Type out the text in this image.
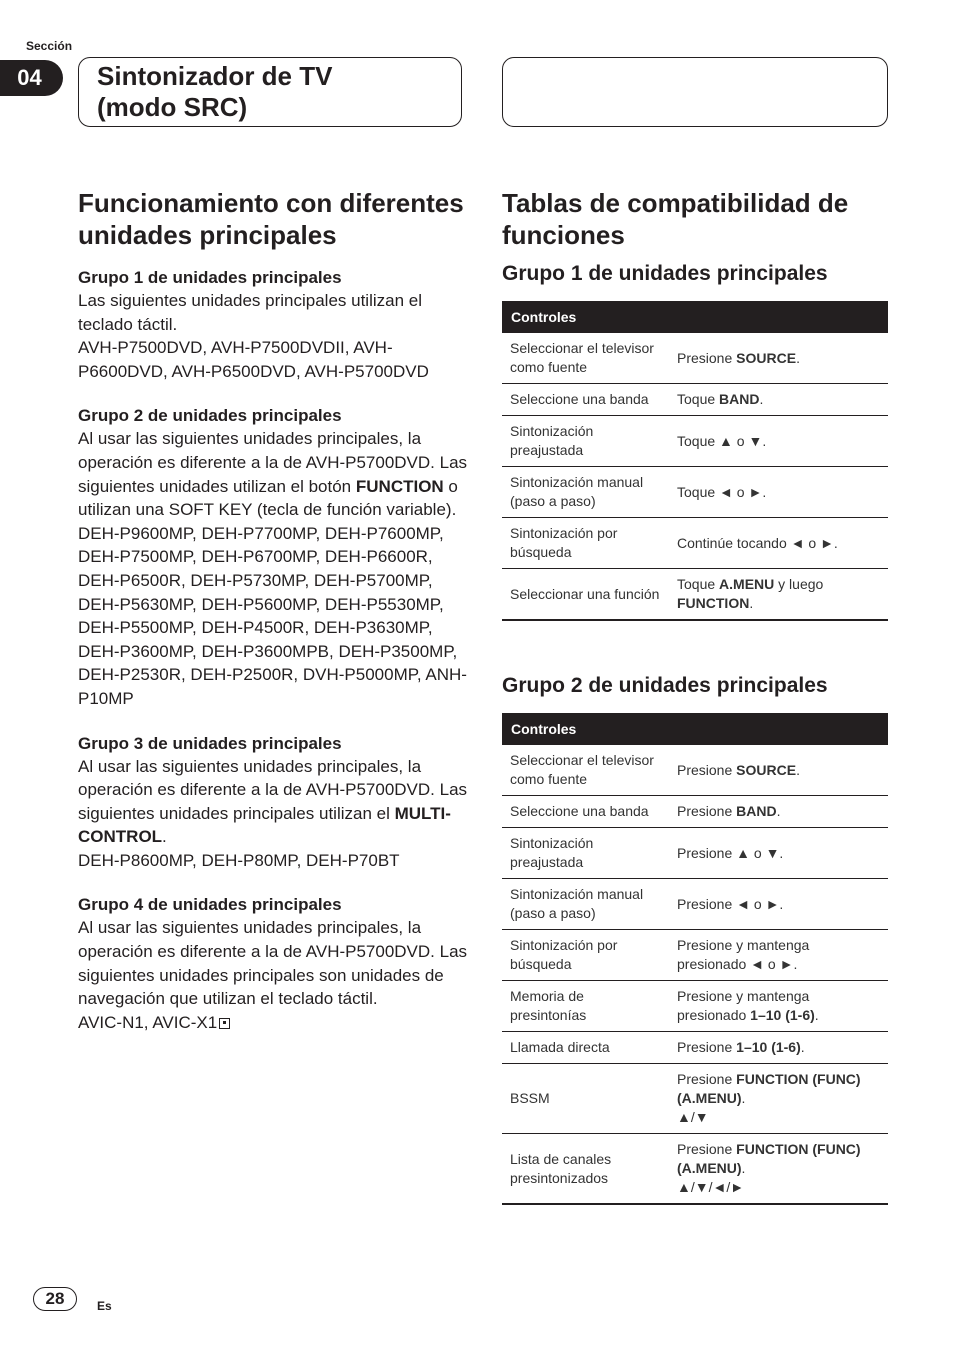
Sección
04	Sintonizador de TV
(modo SRC)
Funcionamiento con diferentes unidades principales
Grupo 1 de unidades principales

Las siguientes unidades principales utilizan el teclado táctil.

AVH-P7500DVD, AVH-P7500DVDII, AVH-P6600DVD, AVH-P6500DVD, AVH-P5700DVD

Grupo 2 de unidades principales

Al usar las siguientes unidades principales, la operación es diferente a la de AVH-P5700DVD. Las siguientes unidades utilizan el botón FUNCTION o utilizan una SOFT KEY (tecla de función variable).

DEH-P9600MP, DEH-P7700MP, DEH-P7600MP, DEH-P7500MP, DEH-P6700MP, DEH-P6600R, DEH-P6500R, DEH-P5730MP, DEH-P5700MP, DEH-P5630MP, DEH-P5600MP, DEH-P5530MP, DEH-P5500MP, DEH-P4500R, DEH-P3630MP, DEH-P3600MP, DEH-P3600MPB, DEH-P3500MP, DEH-P2530R, DEH-P2500R, DVH-P5000MP, ANH-P10MP

Grupo 3 de unidades principales

Al usar las siguientes unidades principales, la operación es diferente a la de AVH-P5700DVD. Las siguientes unidades principales utilizan el MULTI-CONTROL.

DEH-P8600MP, DEH-P80MP, DEH-P70BT

Grupo 4 de unidades principales

Al usar las siguientes unidades principales, la operación es diferente a la de AVH-P5700DVD. Las siguientes unidades principales son unidades de navegación que utilizan el teclado táctil.

AVIC-N1, AVIC-X1

Tablas de compatibilidad de funciones
Grupo 1 de unidades principales
Controles	
Seleccionar el televisor como fuente	Presione SOURCE.
Seleccione una banda	Toque BAND.
Sintonización preajustada	Toque ▲ o ▼.
Sintonización manual (paso a paso)	Toque ◄ o ►.
Sintonización por búsqueda	Continúe tocando ◄ o ►.
Seleccionar una función	Toque A.MENU y luego FUNCTION.
Grupo 2 de unidades principales
Controles	
Seleccionar el televisor como fuente	Presione SOURCE.
Seleccione una banda	Presione BAND.
Sintonización preajustada	Presione ▲ o ▼.
Sintonización manual (paso a paso)	Presione ◄ o ►.
Sintonización por búsqueda	Presione y mantenga presionado ◄ o ►.
Memoria de presintonías	Presione y mantenga presionado 1–10 (1-6).
Llamada directa	Presione 1–10 (1-6).
BSSM	Presione FUNCTION (FUNC) (A.MENU).
▲/▼

Lista de canales presintonizados	Presione FUNCTION (FUNC) (A.MENU).
▲/▼/◄/►
28	Es
